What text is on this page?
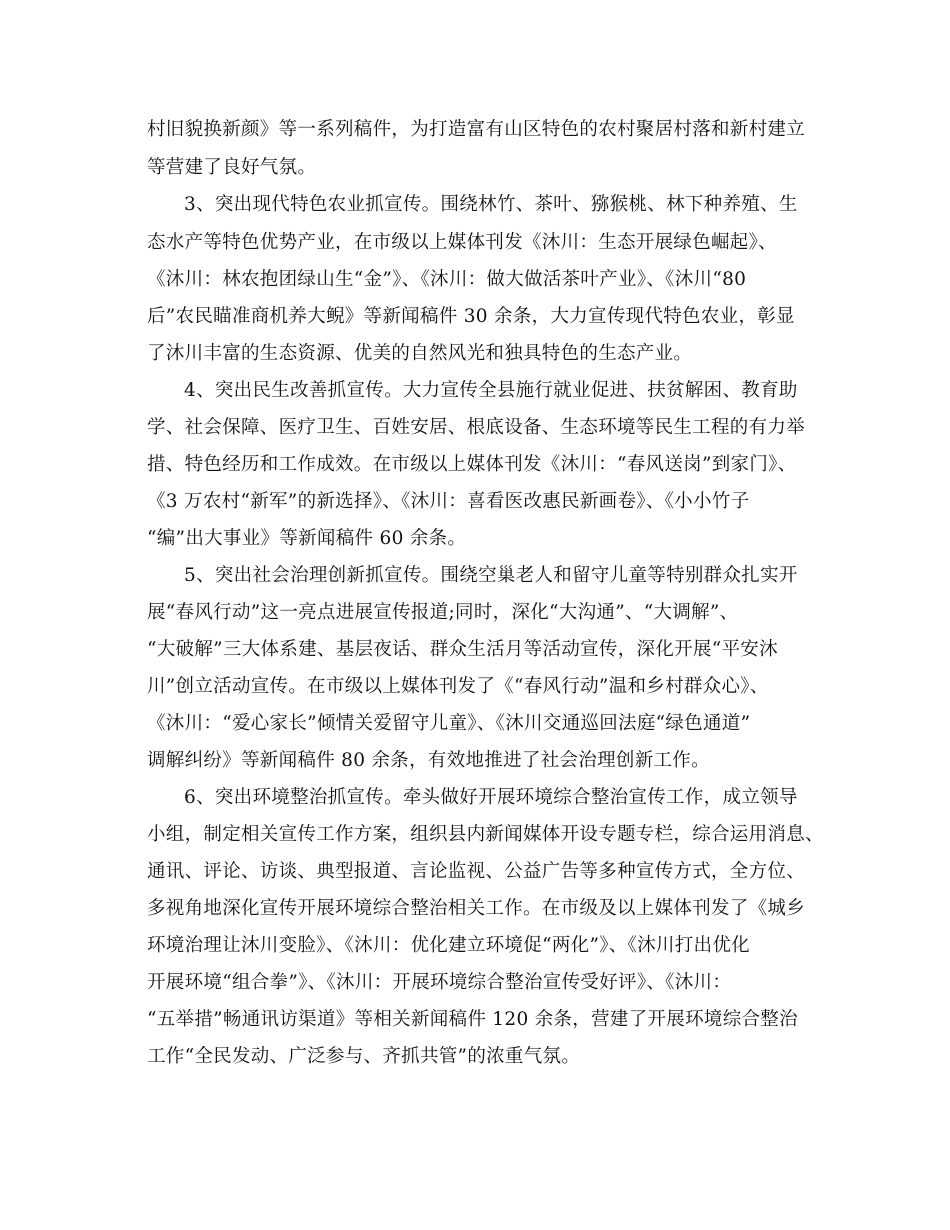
村旧貌换新颜》等一系列稿件，为打造富有山区特色的农村聚居村落和新村建立
等营建了良好气氛。
3、突出现代特色农业抓宣传。围绕林竹、茶叶、猕猴桃、林下种养殖、生
态水产等特色优势产业，在市级以上媒体刊发《沐川：生态开展绿色崛起》、
《沐川：林农抱团绿山生“金”》、《沐川：做大做活茶叶产业》、《沐川“80
后”农民瞄准商机养大鲵》等新闻稿件 30 余条，大力宣传现代特色农业，彰显
了沐川丰富的生态资源、优美的自然风光和独具特色的生态产业。
4、突出民生改善抓宣传。大力宣传全县施行就业促进、扶贫解困、教育助
学、社会保障、医疗卫生、百姓安居、根底设备、生态环境等民生工程的有力举
措、特色经历和工作成效。在市级以上媒体刊发《沐川：“春风送岗”到家门》、
《3 万农村“新军”的新选择》、《沐川：喜看医改惠民新画卷》、《小小竹子
“编”出大事业》等新闻稿件 60 余条。
5、突出社会治理创新抓宣传。围绕空巢老人和留守儿童等特别群众扎实开
展“春风行动”这一亮点进展宣传报道;同时，深化“大沟通”、“大调解”、
“大破解”三大体系建、基层夜话、群众生活月等活动宣传，深化开展“平安沐
川”创立活动宣传。在市级以上媒体刊发了《“春风行动”温和乡村群众心》、
《沐川：“爱心家长”倾情关爱留守儿童》、《沐川交通巡回法庭“绿色通道”
调解纠纷》等新闻稿件 80 余条，有效地推进了社会治理创新工作。
6、突出环境整治抓宣传。牵头做好开展环境综合整治宣传工作，成立领导
小组，制定相关宣传工作方案，组织县内新闻媒体开设专题专栏，综合运用消息、
通讯、评论、访谈、典型报道、言论监视、公益广告等多种宣传方式，全方位、
多视角地深化宣传开展环境综合整治相关工作。在市级及以上媒体刊发了《城乡
环境治理让沐川变脸》、《沐川：优化建立环境促“两化”》、《沐川打出优化
开展环境“组合拳”》、《沐川：开展环境综合整治宣传受好评》、《沐川：
“五举措”畅通讯访渠道》等相关新闻稿件 120 余条，营建了开展环境综合整治
工作“全民发动、广泛参与、齐抓共管”的浓重气氛。
